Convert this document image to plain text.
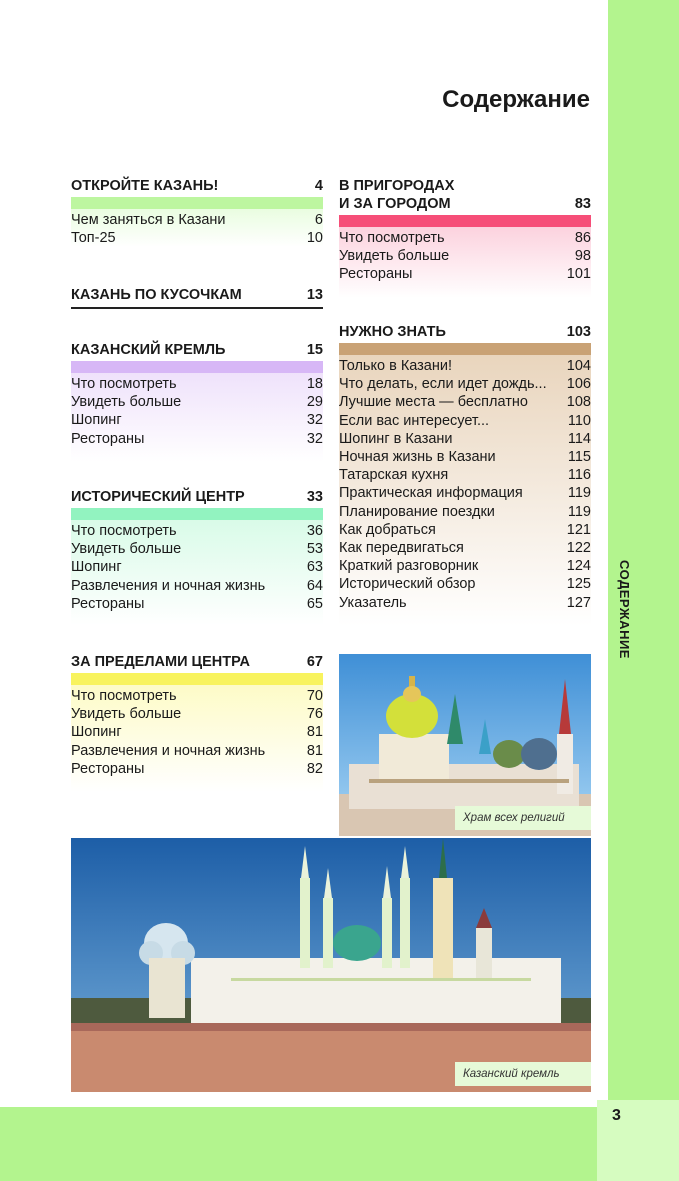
СОДЕРЖАНИЕ
3
Содержание
ОТКРОЙТЕ КАЗАНЬ!	4
Чем заняться в Казани	6
Топ-25	10
КАЗАНЬ ПО КУСОЧКАМ	13
КАЗАНСКИЙ КРЕМЛЬ	15
Что посмотреть	18
Увидеть больше	29
Шопинг	32
Рестораны	32
ИСТОРИЧЕСКИЙ ЦЕНТР	33
Что посмотреть	36
Увидеть больше	53
Шопинг	63
Развлечения и ночная жизнь	64
Рестораны	65
ЗА ПРЕДЕЛАМИ ЦЕНТРА	67
Что посмотреть	70
Увидеть больше	76
Шопинг	81
Развлечения и ночная жизнь	81
Рестораны	82
В ПРИГОРОДАХ
И ЗА ГОРОДОМ	83
Что посмотреть	86
Увидеть больше	98
Рестораны	101
НУЖНО ЗНАТЬ	103
Только в Казани!	104
Что делать, если идет дождь... 106
Лучшие места — бесплатно	108
Если вас интересует...	110
Шопинг в Казани	114
Ночная жизнь в Казани	115
Татарская кухня	116
Практическая информация	119
Планирование поездки	119
Как добраться	121
Как передвигаться	122
Краткий разговорник	124
Исторический обзор	125
Указатель	127
Храм всех религий
Казанский кремль
